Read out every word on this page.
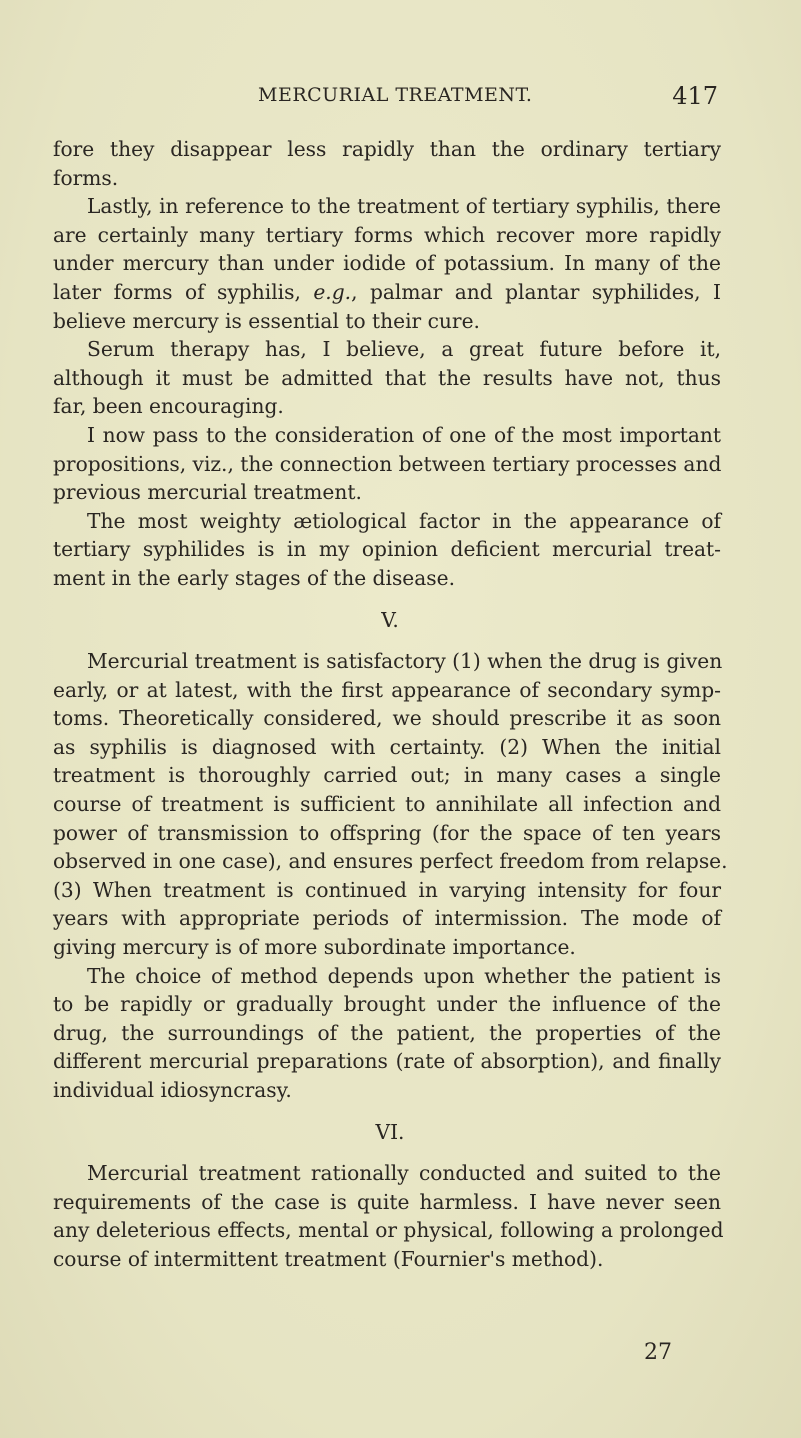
MERCURIAL TREATMENT.	417
fore they disappear less rapidly than the ordinary tertiary
forms.
Lastly, in reference to the treatment of tertiary syphilis, there
are certainly many tertiary forms which recover more rapidly
under mercury than under iodide of potassium. In many of the
later forms of syphilis, e.g., palmar and plantar syphilides, I
believe mercury is essential to their cure.
Serum therapy has, I believe, a great future before it,
although it must be admitted that the results have not, thus
far, been encouraging.
I now pass to the consideration of one of the most important
propositions, viz., the connection between tertiary processes and
previous mercurial treatment.
The most weighty ætiological factor in the appearance of
tertiary syphilides is in my opinion deficient mercurial treat-
ment in the early stages of the disease.
V.
Mercurial treatment is satisfactory (1) when the drug is given
early, or at latest, with the first appearance of secondary symp-
toms. Theoretically considered, we should prescribe it as soon
as syphilis is diagnosed with certainty. (2) When the initial
treatment is thoroughly carried out; in many cases a single
course of treatment is sufficient to annihilate all infection and
power of transmission to offspring (for the space of ten years
observed in one case), and ensures perfect freedom from relapse.
(3) When treatment is continued in varying intensity for four
years with appropriate periods of intermission. The mode of
giving mercury is of more subordinate importance.
The choice of method depends upon whether the patient is
to be rapidly or gradually brought under the influence of the
drug, the surroundings of the patient, the properties of the
different mercurial preparations (rate of absorption), and finally
individual idiosyncrasy.
VI.
Mercurial treatment rationally conducted and suited to the
requirements of the case is quite harmless. I have never seen
any deleterious effects, mental or physical, following a prolonged
course of intermittent treatment (Fournier's method).
27
